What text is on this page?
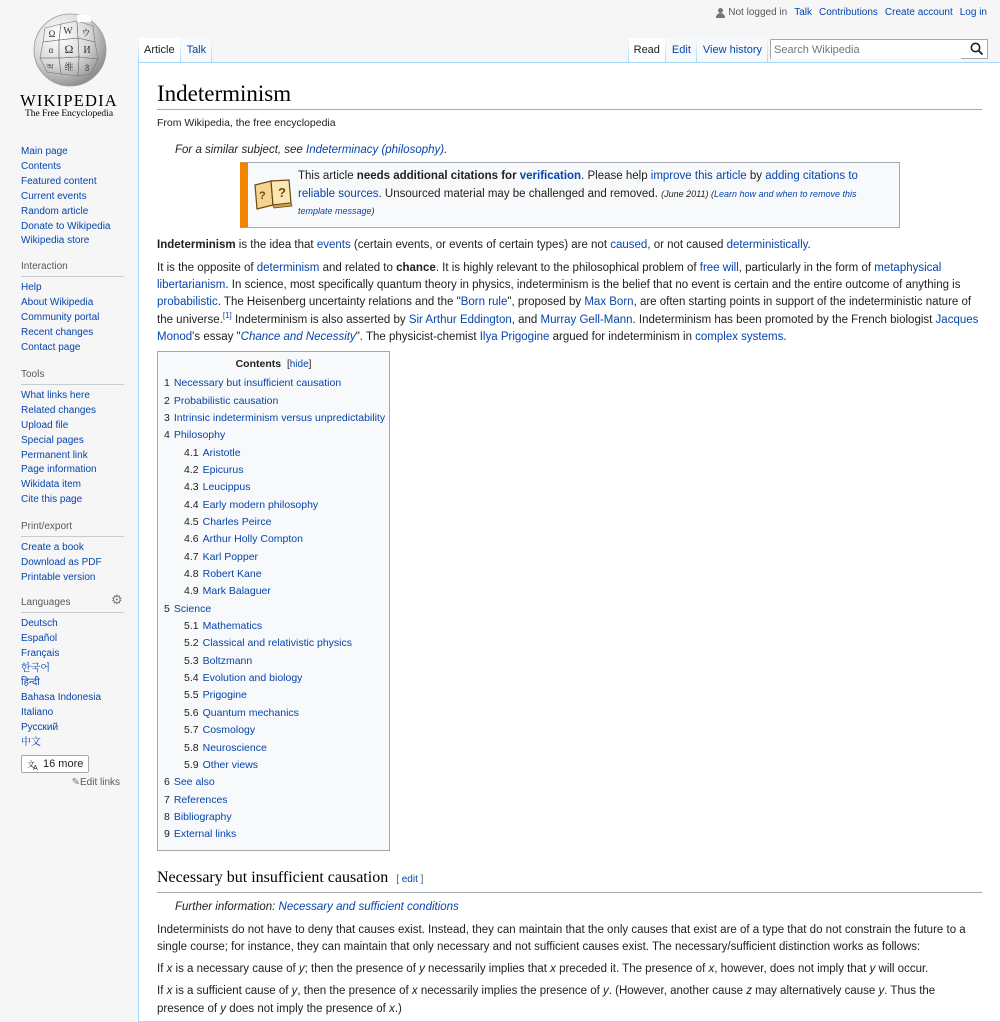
Not logged in Talk Contributions Create account Log in
Ω W ウ
ɑ Ω И
অ 维 ვ
WIKIPEDIA
The Free Encyclopedia
Main page
Contents
Featured content
Current events
Random article
Donate to Wikipedia
Wikipedia store
Interaction
Help
About Wikipedia
Community portal
Recent changes
Contact page
Tools
What links here
Related changes
Upload file
Special pages
Permanent link
Page information
Wikidata item
Cite this page
Print/export
Create a book
Download as PDF
Printable version
Languages	⚙
Deutsch
Español
Français
한국어
हिन्दी
Bahasa Indonesia
Italiano
Русский
中文
文
A 16 more
✎Edit links
Article	Talk	Read	Edit	View history
Search Wikipedia
Indeterminism
From Wikipedia, the free encyclopedia
For a similar subject, see Indeterminacy (philosophy).
?
?
This article needs additional citations for verification. Please help improve this article by adding citations to reliable sources. Unsourced material may be challenged and removed. (June 2011) (Learn how and when to remove this template message)

Indeterminism is the idea that events (certain events, or events of certain types) are not caused, or not caused deterministically.

It is the opposite of determinism and related to chance. It is highly relevant to the philosophical problem of free will, particularly in the form of metaphysical libertarianism. In science, most specifically quantum theory in physics, indeterminism is the belief that no event is certain and the entire outcome of anything is probabilistic. The Heisenberg uncertainty relations and the "Born rule", proposed by Max Born, are often starting points in support of the indeterministic nature of the universe.[1] Indeterminism is also asserted by Sir Arthur Eddington, and Murray Gell-Mann. Indeterminism has been promoted by the French biologist Jacques Monod's essay "Chance and Necessity". The physicist-chemist Ilya Prigogine argued for indeterminism in complex systems.

Contents [hide]
1 Necessary but insufficient causation
2 Probabilistic causation
3 Intrinsic indeterminism versus unpredictability
4 Philosophy
4.1 Aristotle
4.2 Epicurus
4.3 Leucippus
4.4 Early modern philosophy
4.5 Charles Peirce
4.6 Arthur Holly Compton
4.7 Karl Popper
4.8 Robert Kane
4.9 Mark Balaguer
5 Science
5.1 Mathematics
5.2 Classical and relativistic physics
5.3 Boltzmann
5.4 Evolution and biology
5.5 Prigogine
5.6 Quantum mechanics
5.7 Cosmology
5.8 Neuroscience
5.9 Other views
6 See also
7 References
8 Bibliography
9 External links
Necessary but insufficient causation [ edit ]
Further information: Necessary and sufficient conditions

Indeterminists do not have to deny that causes exist. Instead, they can maintain that the only causes that exist are of a type that do not constrain the future to a single course; for instance, they can maintain that only necessary and not sufficient causes exist. The necessary/sufficient distinction works as follows:

If x is a necessary cause of y; then the presence of y necessarily implies that x preceded it. The presence of x, however, does not imply that y will occur.

If x is a sufficient cause of y, then the presence of x necessarily implies the presence of y. (However, another cause z may alternatively cause y. Thus the presence of y does not imply the presence of x.)
